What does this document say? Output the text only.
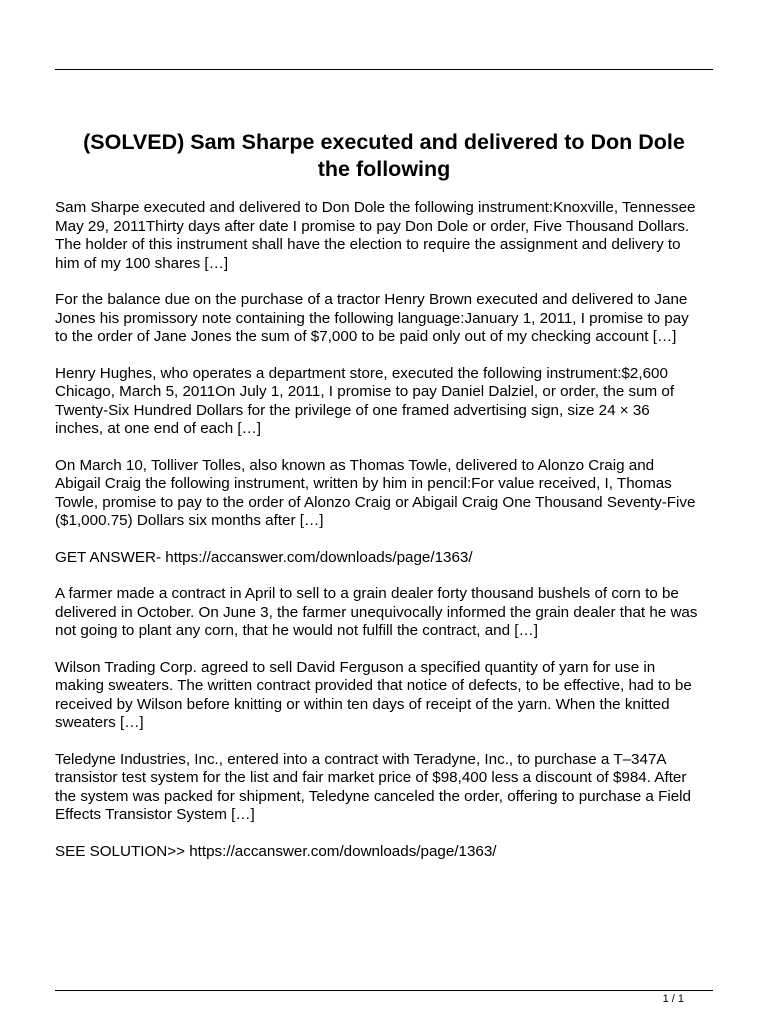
(SOLVED) Sam Sharpe executed and delivered to Don Dole
the following

Sam Sharpe executed and delivered to Don Dole the following instrument:Knoxville, Tennessee
May 29, 2011Thirty days after date I promise to pay Don Dole or order, Five Thousand Dollars.
The holder of this instrument shall have the election to require the assignment and delivery to
him of my 100 shares […]

For the balance due on the purchase of a tractor Henry Brown executed and delivered to Jane
Jones his promissory note containing the following language:January 1, 2011, I promise to pay
to the order of Jane Jones the sum of $7,000 to be paid only out of my checking account […]

Henry Hughes, who operates a department store, executed the following instrument:$2,600
Chicago, March 5, 2011On July 1, 2011, I promise to pay Daniel Dalziel, or order, the sum of
Twenty-Six Hundred Dollars for the privilege of one framed advertising sign, size 24 × 36
inches, at one end of each […]

On March 10, Tolliver Tolles, also known as Thomas Towle, delivered to Alonzo Craig and
Abigail Craig the following instrument, written by him in pencil:For value received, I, Thomas
Towle, promise to pay to the order of Alonzo Craig or Abigail Craig One Thousand Seventy-Five
($1,000.75) Dollars six months after […]

GET ANSWER- https://accanswer.com/downloads/page/1363/

A farmer made a contract in April to sell to a grain dealer forty thousand bushels of corn to be
delivered in October. On June 3, the farmer unequivocally informed the grain dealer that he was
not going to plant any corn, that he would not fulfill the contract, and […]

Wilson Trading Corp. agreed to sell David Ferguson a specified quantity of yarn for use in
making sweaters. The written contract provided that notice of defects, to be effective, had to be
received by Wilson before knitting or within ten days of receipt of the yarn. When the knitted
sweaters […]

Teledyne Industries, Inc., entered into a contract with Teradyne, Inc., to purchase a T–347A
transistor test system for the list and fair market price of $98,400 less a discount of $984. After
the system was packed for shipment, Teledyne canceled the order, offering to purchase a Field
Effects Transistor System […]

SEE SOLUTION>> https://accanswer.com/downloads/page/1363/

1 / 1
